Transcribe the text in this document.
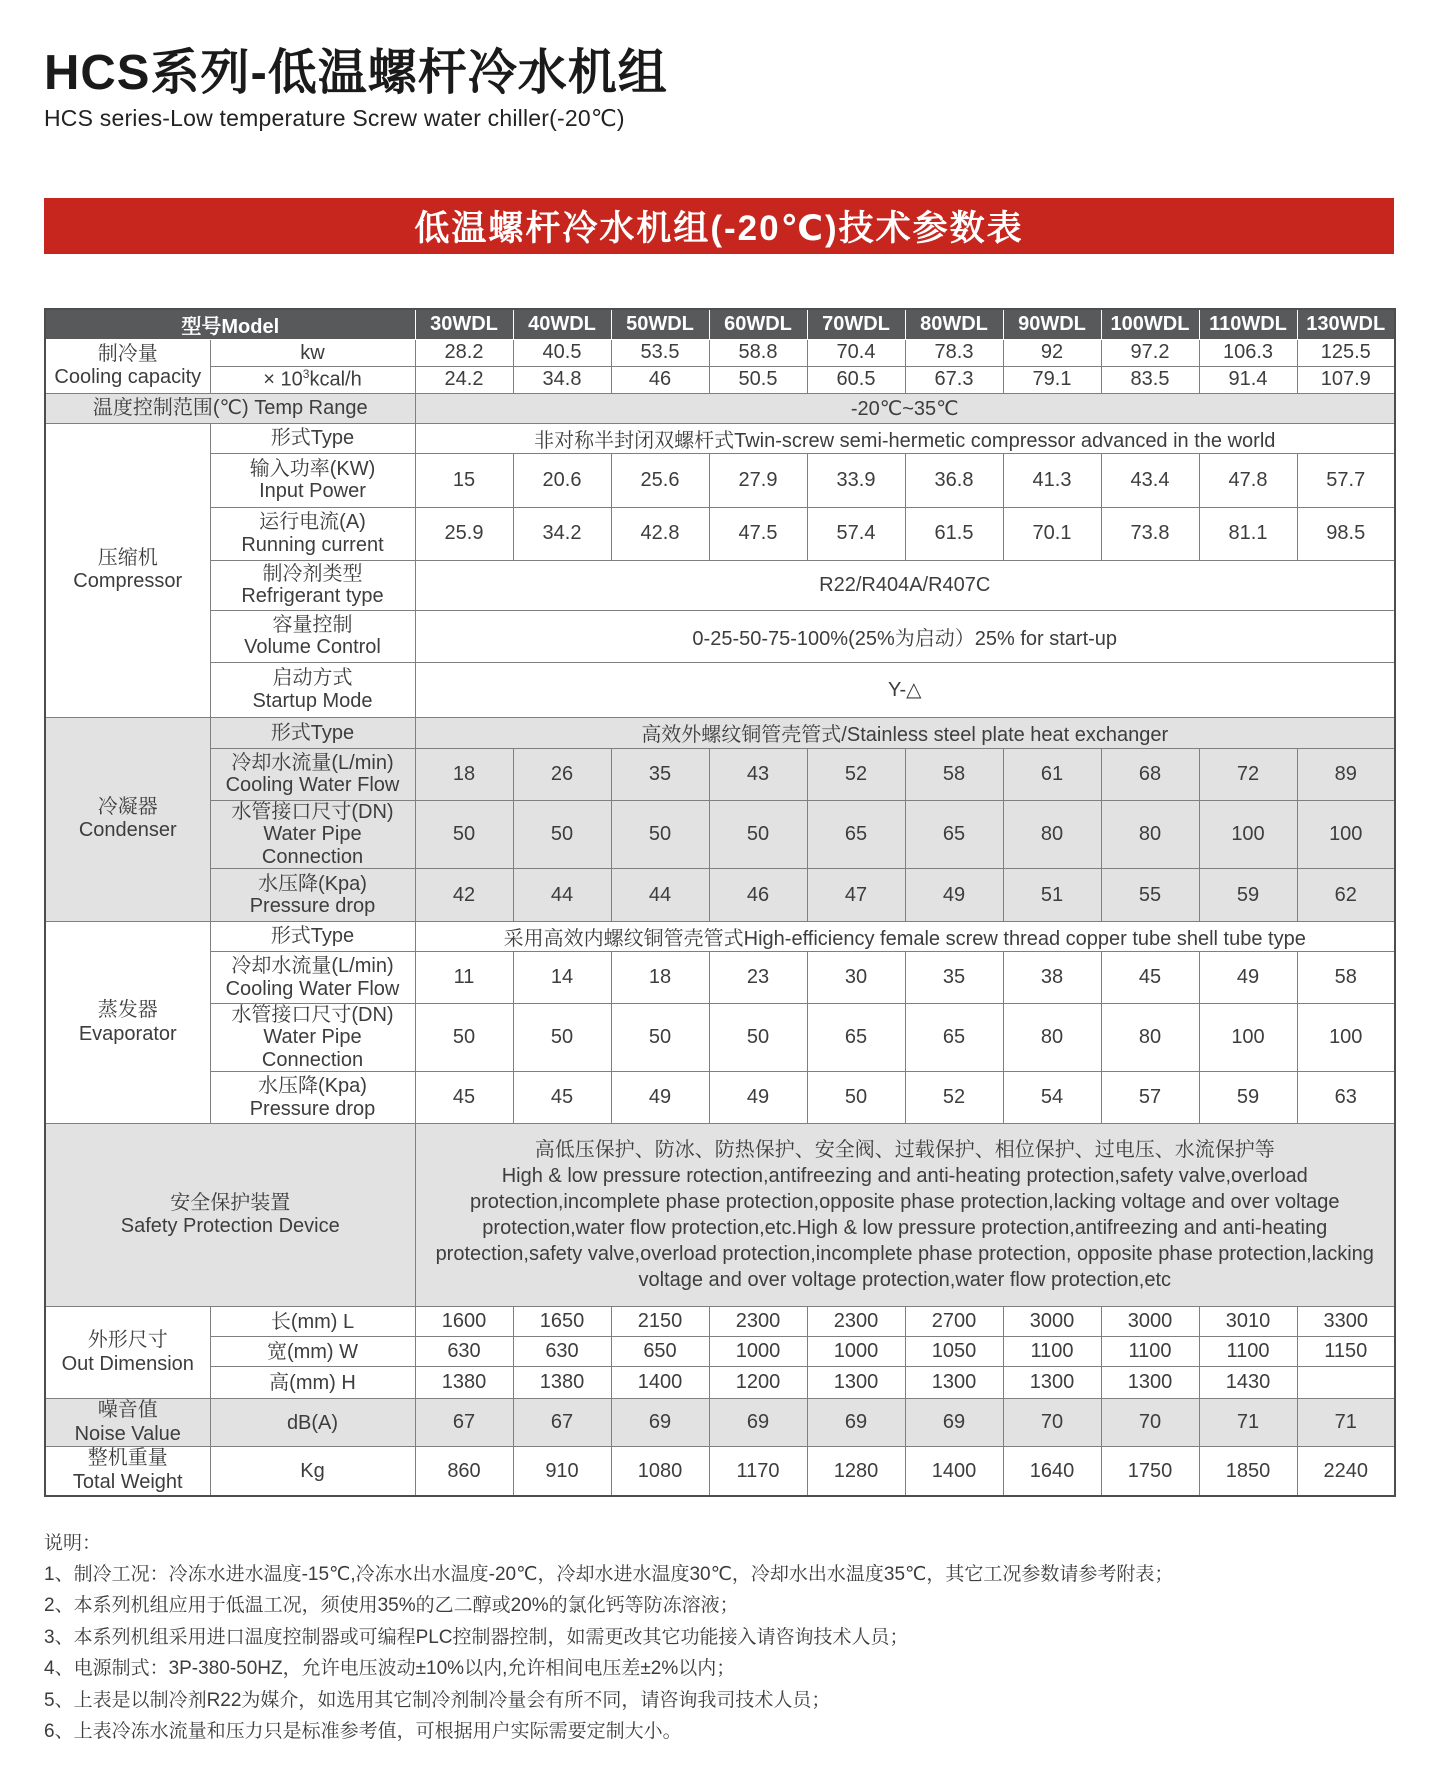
HCS系列-低温螺杆冷水机组
HCS series-Low temperature Screw water chiller(-20℃)
低温螺杆冷水机组(-20℃)技术参数表
型号Model		30WDL	40WDL	50WDL	60WDL	70WDL	80WDL	90WDL	100WDL	110WDL	130WDL

制冷量
Cooling capacity	kw	28.2	40.5	53.5	58.8	70.4	78.3	92	97.2	106.3	125.5
	× $10^3kcal/h$	24.2	34.8	46	50.5	60.5	67.3	79.1	83.5	91.4	107.9
温度控制范围(℃) Temp Range		-20℃~35℃									

压缩机
Compressor	形式Type	非对称半封闭双螺杆式Twin-screw semi-hermetic compressor advanced in the world									

	输入功率(KW)
Input Power	15	20.6	25.6	27.9	33.9	36.8	41.3	43.4	47.8	57.7

	运行电流(A)
Running current	25.9	34.2	42.8	47.5	57.4	61.5	70.1	73.8	81.1	98.5

	制冷剂类型
Refrigerant type	R22/R404A/R407C									

	容量控制
Volume Control	0-25-50-75-100%(25%为启动）25% for start-up									

	启动方式
Startup Mode	Y-△									

冷凝器
Condenser	形式Type	高效外螺纹铜管壳管式/Stainless steel plate heat exchanger									

	冷却水流量(L/min)
Cooling Water Flow	18	26	35	43	52	58	61	68	72	89

	水管接口尺寸(DN)
Water Pipe Connection	50	50	50	50	65	65	80	80	100	100

	水压降(Kpa)
Pressure drop	42	44	44	46	47	49	51	55	59	62

蒸发器
Evaporator	形式Type	采用高效内螺纹铜管壳管式High-efficiency female screw thread copper tube shell tube type									

	冷却水流量(L/min)
Cooling Water Flow	11	14	18	23	30	35	38	45	49	58

	水管接口尺寸(DN)
Water Pipe Connection	50	50	50	50	65	65	80	80	100	100

	水压降(Kpa)
Pressure drop	45	45	49	49	50	52	54	57	59	63

安全保护装置
Safety Protection Device

高低压保护、防冰、防热保护、安全阀、过载保护、相位保护、过电压、水流保护等
High & low pressure rotection,antifreezing and anti-heating protection,safety valve,overload protection,incomplete phase protection,opposite phase protection,lacking voltage and over voltage protection,water flow protection,etc.High & low pressure protection,antifreezing and anti-heating protection,safety valve,overload protection,incomplete phase protection, opposite phase protection,lacking voltage and over voltage protection,water flow protection,etc

外形尺寸
Out Dimension	长(mm) L	1600	1650	2150	2300	2300	2700	3000	3000	3010	3300
	宽(mm) W	630	630	650	1000	1000	1050	1100	1100	1100	1150
	高(mm) H	1380	1380	1400	1200	1300	1300	1300	1300	1430	

噪音值
Noise Value	dB(A)	67	67	69	69	69	69	70	70	71	71

整机重量
Total Weight	Kg	860	910	1080	1170	1280	1400	1640	1750	1850	2240
说明：
1、制冷工况：冷冻水进水温度-15℃,冷冻水出水温度-20℃，冷却水进水温度30℃，冷却水出水温度35℃，其它工况参数请参考附表；
2、本系列机组应用于低温工况，须使用35%的乙二醇或20%的氯化钙等防冻溶液；
3、本系列机组采用进口温度控制器或可编程PLC控制器控制，如需更改其它功能接入请咨询技术人员；
4、电源制式：3P-380-50HZ，允许电压波动±10%以内,允许相间电压差±2%以内；
5、上表是以制冷剂R22为媒介，如选用其它制冷剂制冷量会有所不同，请咨询我司技术人员；
6、上表冷冻水流量和压力只是标准参考值，可根据用户实际需要定制大小。
